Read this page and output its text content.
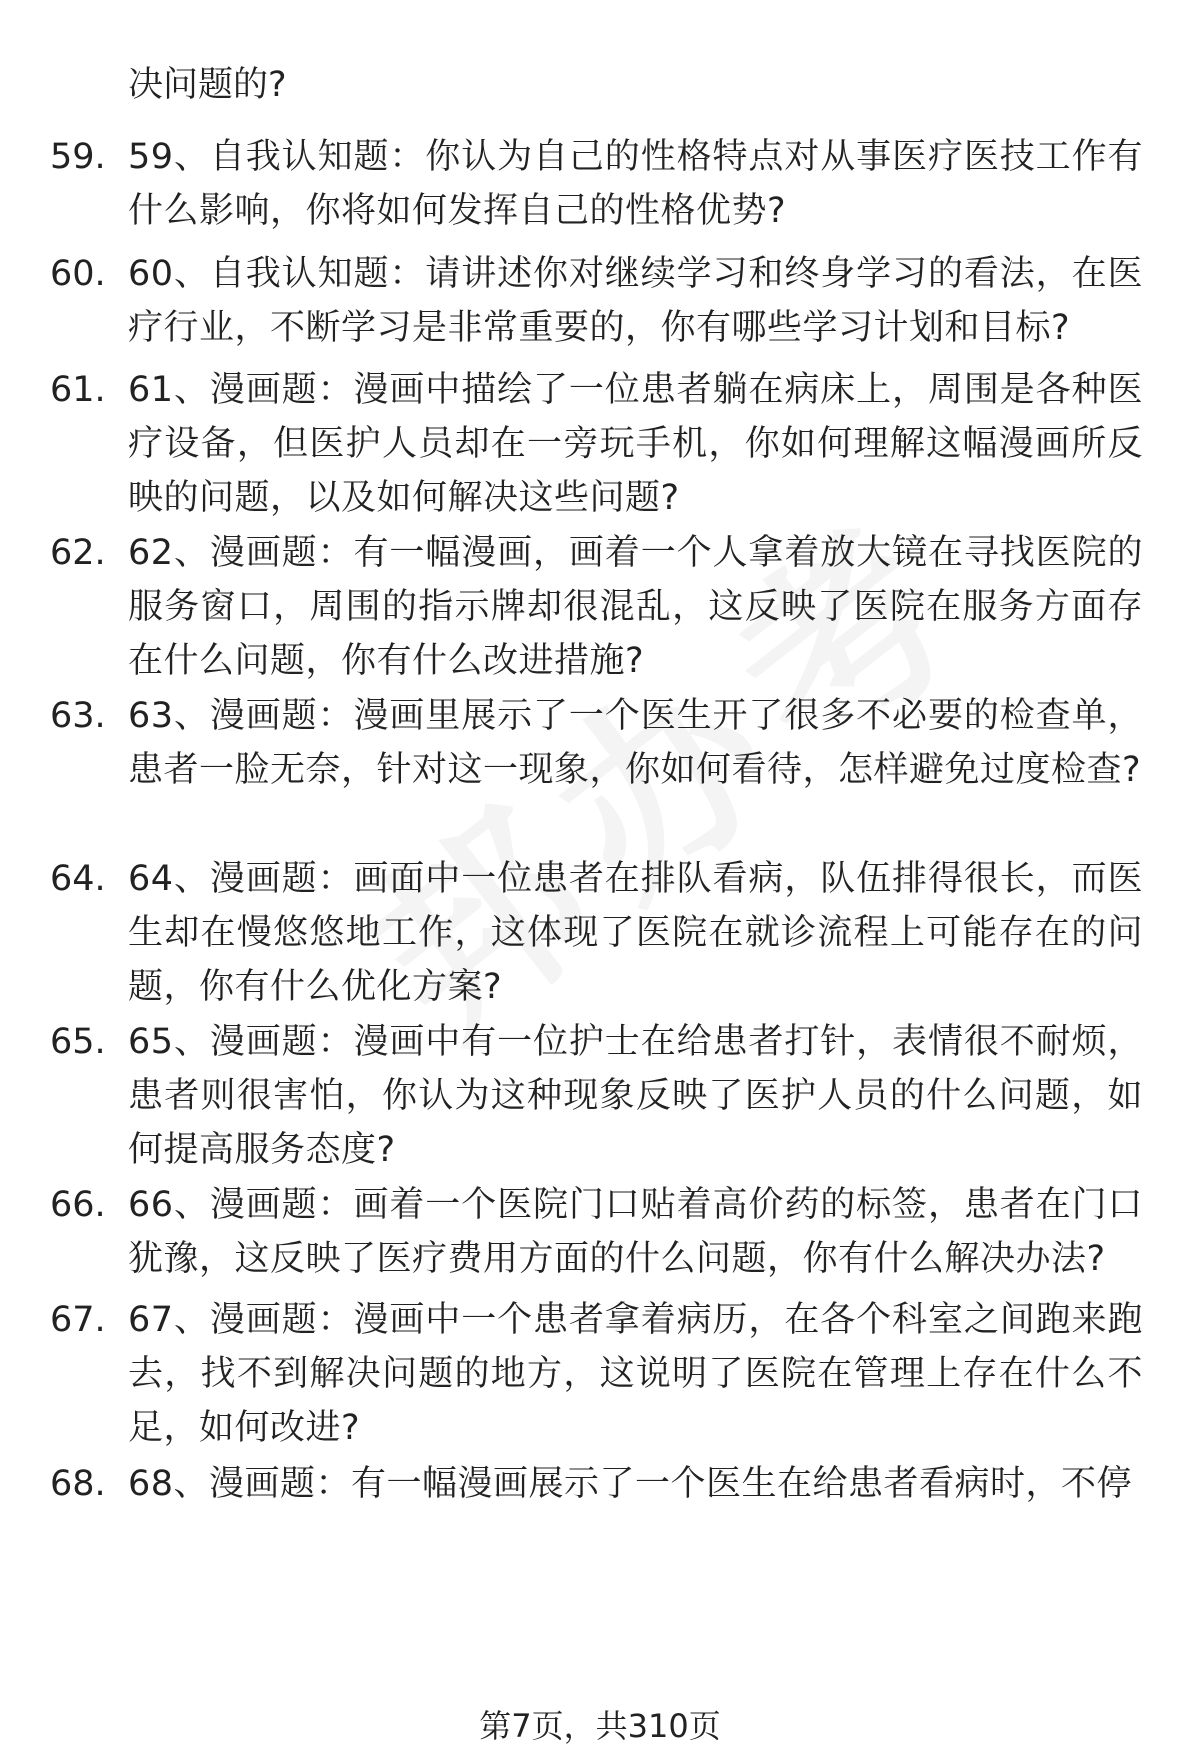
决问题的?

59. 59、自我认知题：你认为自己的性格特点对从事医疗医技工作有什么影响，你将如何发挥自己的性格优势?
60. 60、自我认知题：请讲述你对继续学习和终身学习的看法，在医疗行业，不断学习是非常重要的，你有哪些学习计划和目标?
61. 61、漫画题：漫画中描绘了一位患者躺在病床上，周围是各种医疗设备，但医护人员却在一旁玩手机，你如何理解这幅漫画所反映的问题，以及如何解决这些问题?
62. 62、漫画题：有一幅漫画，画着一个人拿着放大镜在寻找医院的服务窗口，周围的指示牌却很混乱，这反映了医院在服务方面存在什么问题，你有什么改进措施?
63. 63、漫画题：漫画里展示了一个医生开了很多不必要的检查单，患者一脸无奈，针对这一现象，你如何看待，怎样避免过度检查?
64. 64、漫画题：画面中一位患者在排队看病，队伍排得很长，而医生却在慢悠悠地工作，这体现了医院在就诊流程上可能存在的问题，你有什么优化方案?
65. 65、漫画题：漫画中有一位护士在给患者打针，表情很不耐烦，患者则很害怕，你认为这种现象反映了医护人员的什么问题，如何提高服务态度?
66. 66、漫画题：画着一个医院门口贴着高价药的标签，患者在门口犹豫，这反映了医疗费用方面的什么问题，你有什么解决办法?
67. 67、漫画题：漫画中一个患者拿着病历，在各个科室之间跑来跑去，找不到解决问题的地方，这说明了医院在管理上存在什么不足，如何改进?
68. 68、漫画题：有一幅漫画展示了一个医生在给患者看病时，不停
第7页，共310页
